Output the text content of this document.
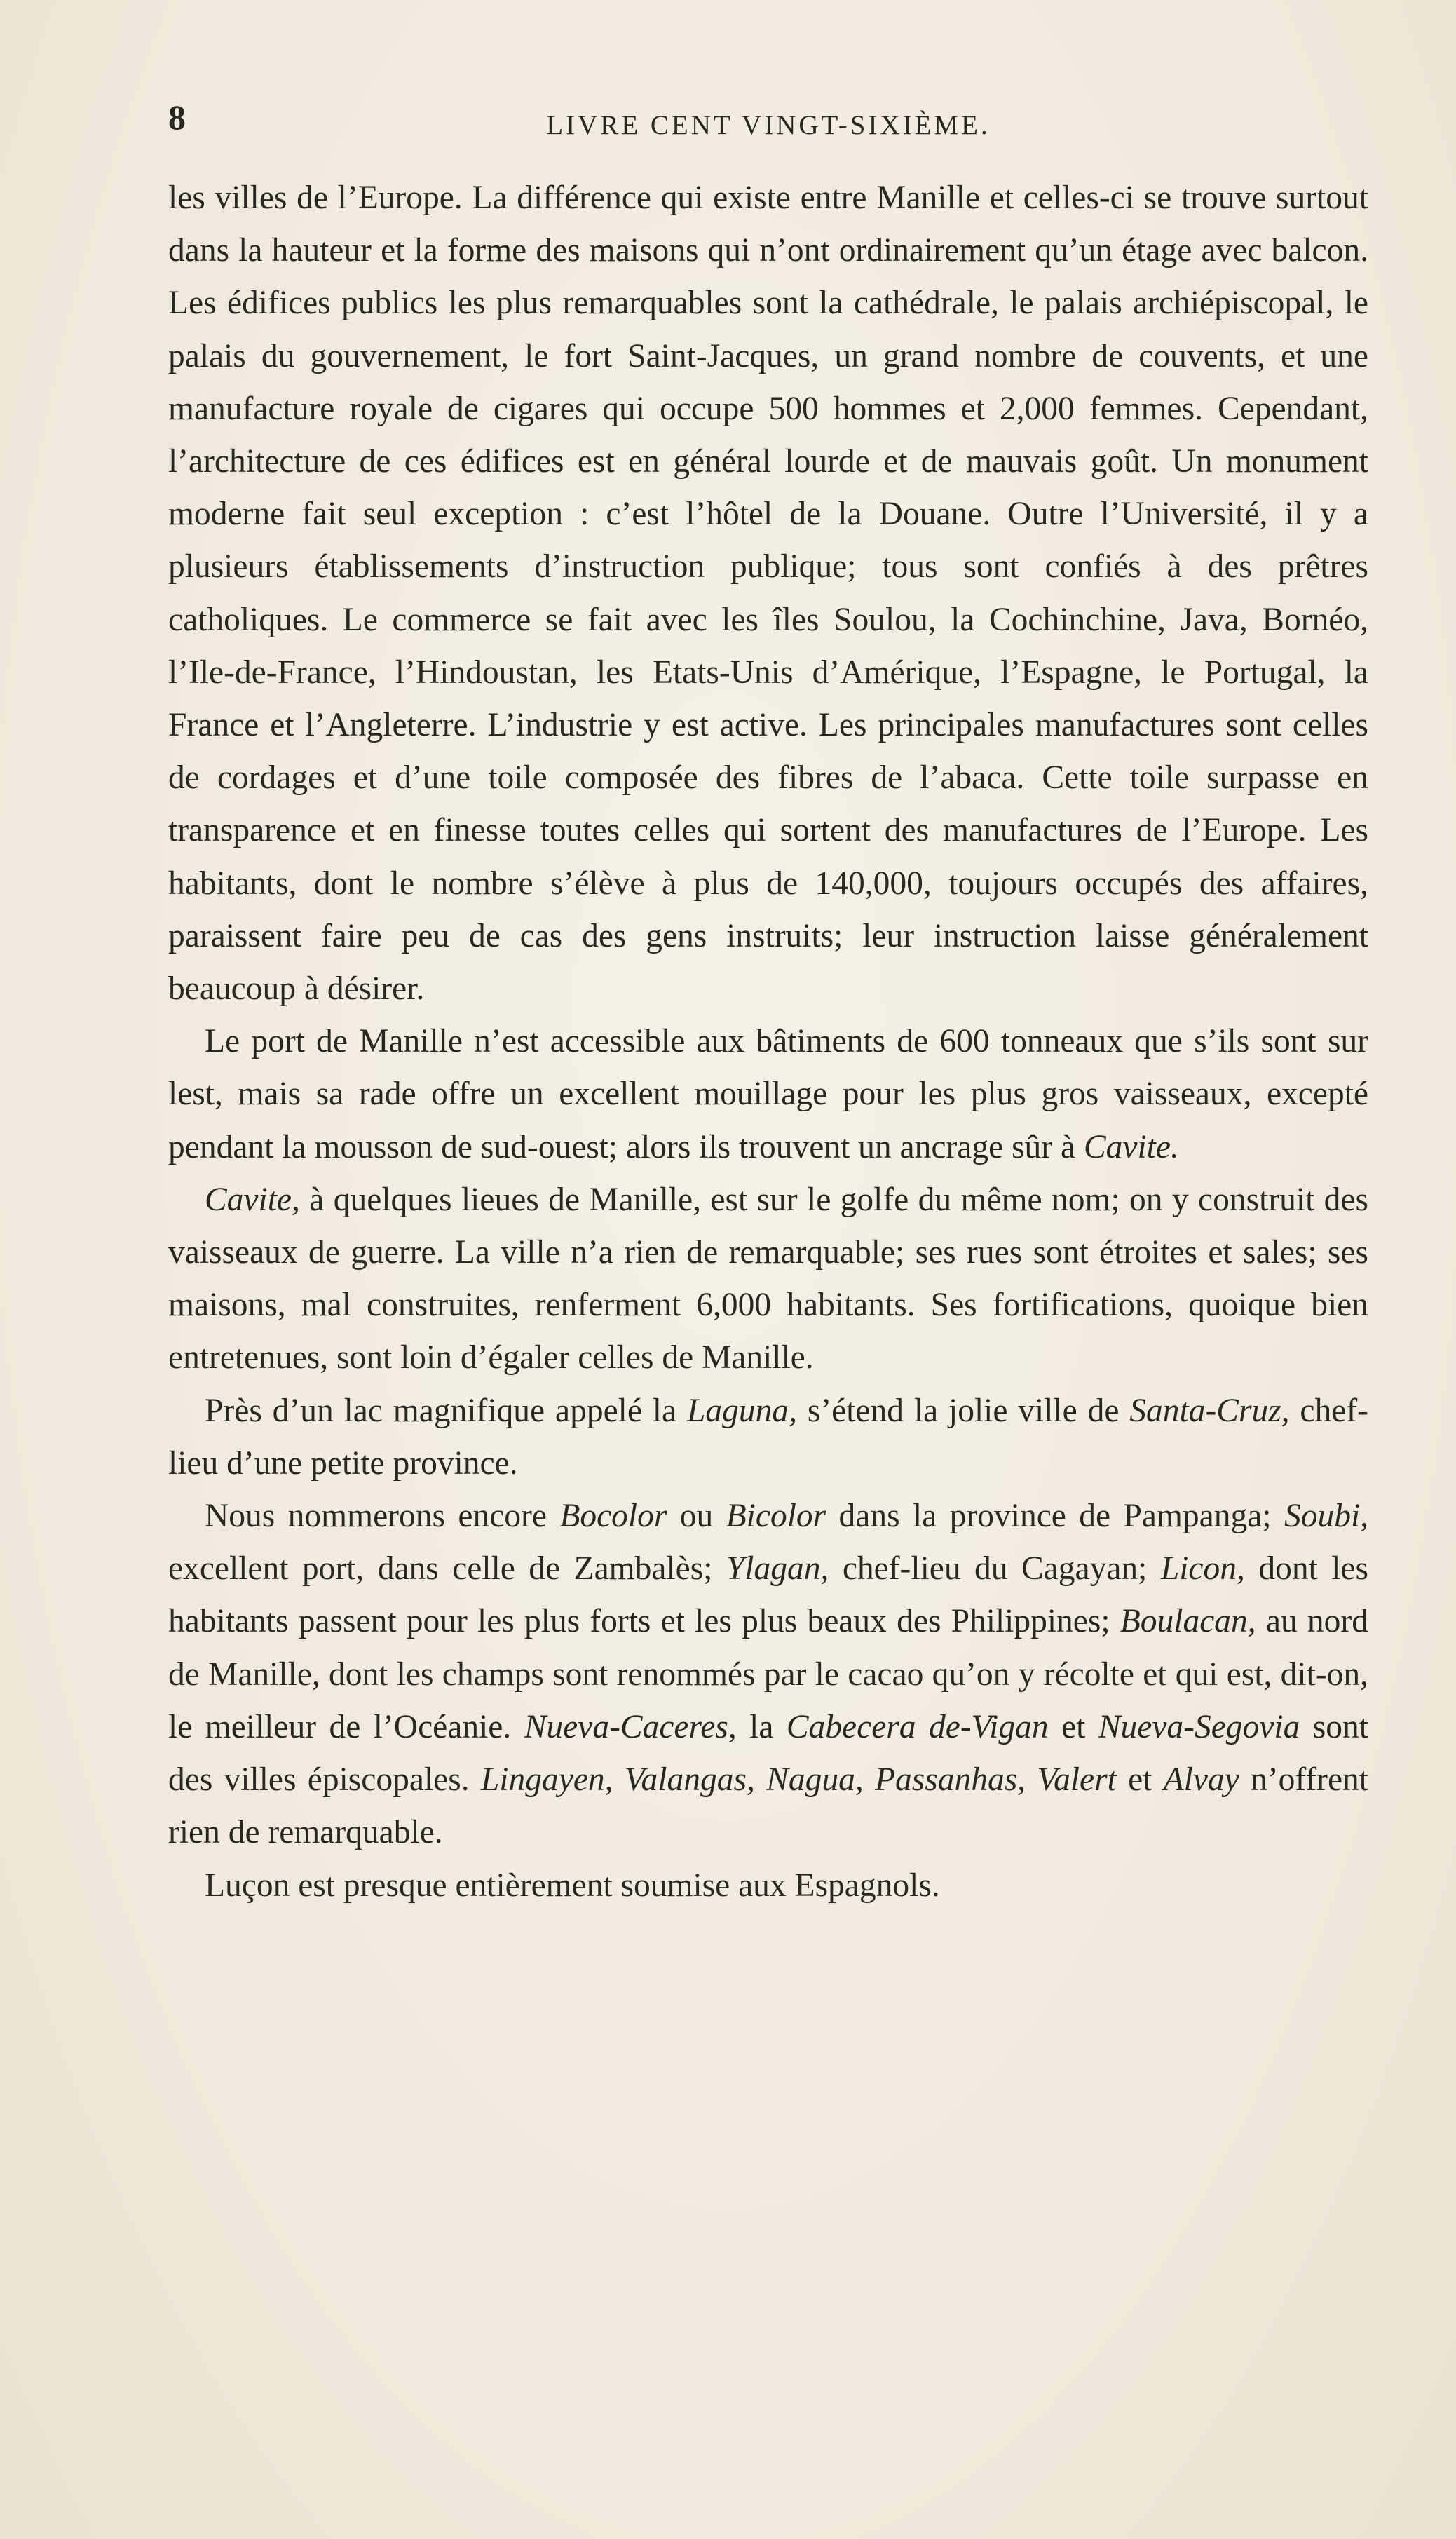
8	LIVRE CENT VINGT-SIXIÈME.

les villes de l’Europe. La différence qui existe entre Manille et celles-ci se trouve surtout dans la hauteur et la forme des maisons qui n’ont ordinairement qu’un étage avec balcon. Les édifices publics les plus remarquables sont la cathédrale, le palais archiépiscopal, le palais du gouvernement, le fort Saint-Jacques, un grand nombre de couvents, et une manufacture royale de cigares qui occupe 500 hommes et 2,000 femmes. Cependant, l’architecture de ces édifices est en général lourde et de mauvais goût. Un monument moderne fait seul exception : c’est l’hôtel de la Douane. Outre l’Université, il y a plusieurs établissements d’instruction publique; tous sont confiés à des prêtres catholiques. Le commerce se fait avec les îles Soulou, la Cochinchine, Java, Bornéo, l’Ile-de-France, l’Hindoustan, les Etats-Unis d’Amérique, l’Espagne, le Portugal, la France et l’Angleterre. L’industrie y est active. Les principales manufactures sont celles de cordages et d’une toile composée des fibres de l’abaca. Cette toile surpasse en transparence et en finesse toutes celles qui sortent des manufactures de l’Europe. Les habitants, dont le nombre s’élève à plus de 140,000, toujours occupés des affaires, paraissent faire peu de cas des gens instruits; leur instruction laisse généralement beaucoup à désirer.

Le port de Manille n’est accessible aux bâtiments de 600 tonneaux que s’ils sont sur lest, mais sa rade offre un excellent mouillage pour les plus gros vaisseaux, excepté pendant la mousson de sud-ouest; alors ils trouvent un ancrage sûr à Cavite.

Cavite, à quelques lieues de Manille, est sur le golfe du même nom; on y construit des vaisseaux de guerre. La ville n’a rien de remarquable; ses rues sont étroites et sales; ses maisons, mal construites, renferment 6,000 habitants. Ses fortifications, quoique bien entretenues, sont loin d’égaler celles de Manille.

Près d’un lac magnifique appelé la Laguna, s’étend la jolie ville de Santa-Cruz, chef-lieu d’une petite province.

Nous nommerons encore Bocolor ou Bicolor dans la province de Pampanga; Soubi, excellent port, dans celle de Zambalès; Ylagan, chef-lieu du Cagayan; Licon, dont les habitants passent pour les plus forts et les plus beaux des Philippines; Boulacan, au nord de Manille, dont les champs sont renommés par le cacao qu’on y récolte et qui est, dit-on, le meilleur de l’Océanie. Nueva-Caceres, la Cabecera de-Vigan et Nueva-Segovia sont des villes épiscopales. Lingayen, Valangas, Nagua, Passanhas, Valert et Alvay n’offrent rien de remarquable.

Luçon est presque entièrement soumise aux Espagnols.
